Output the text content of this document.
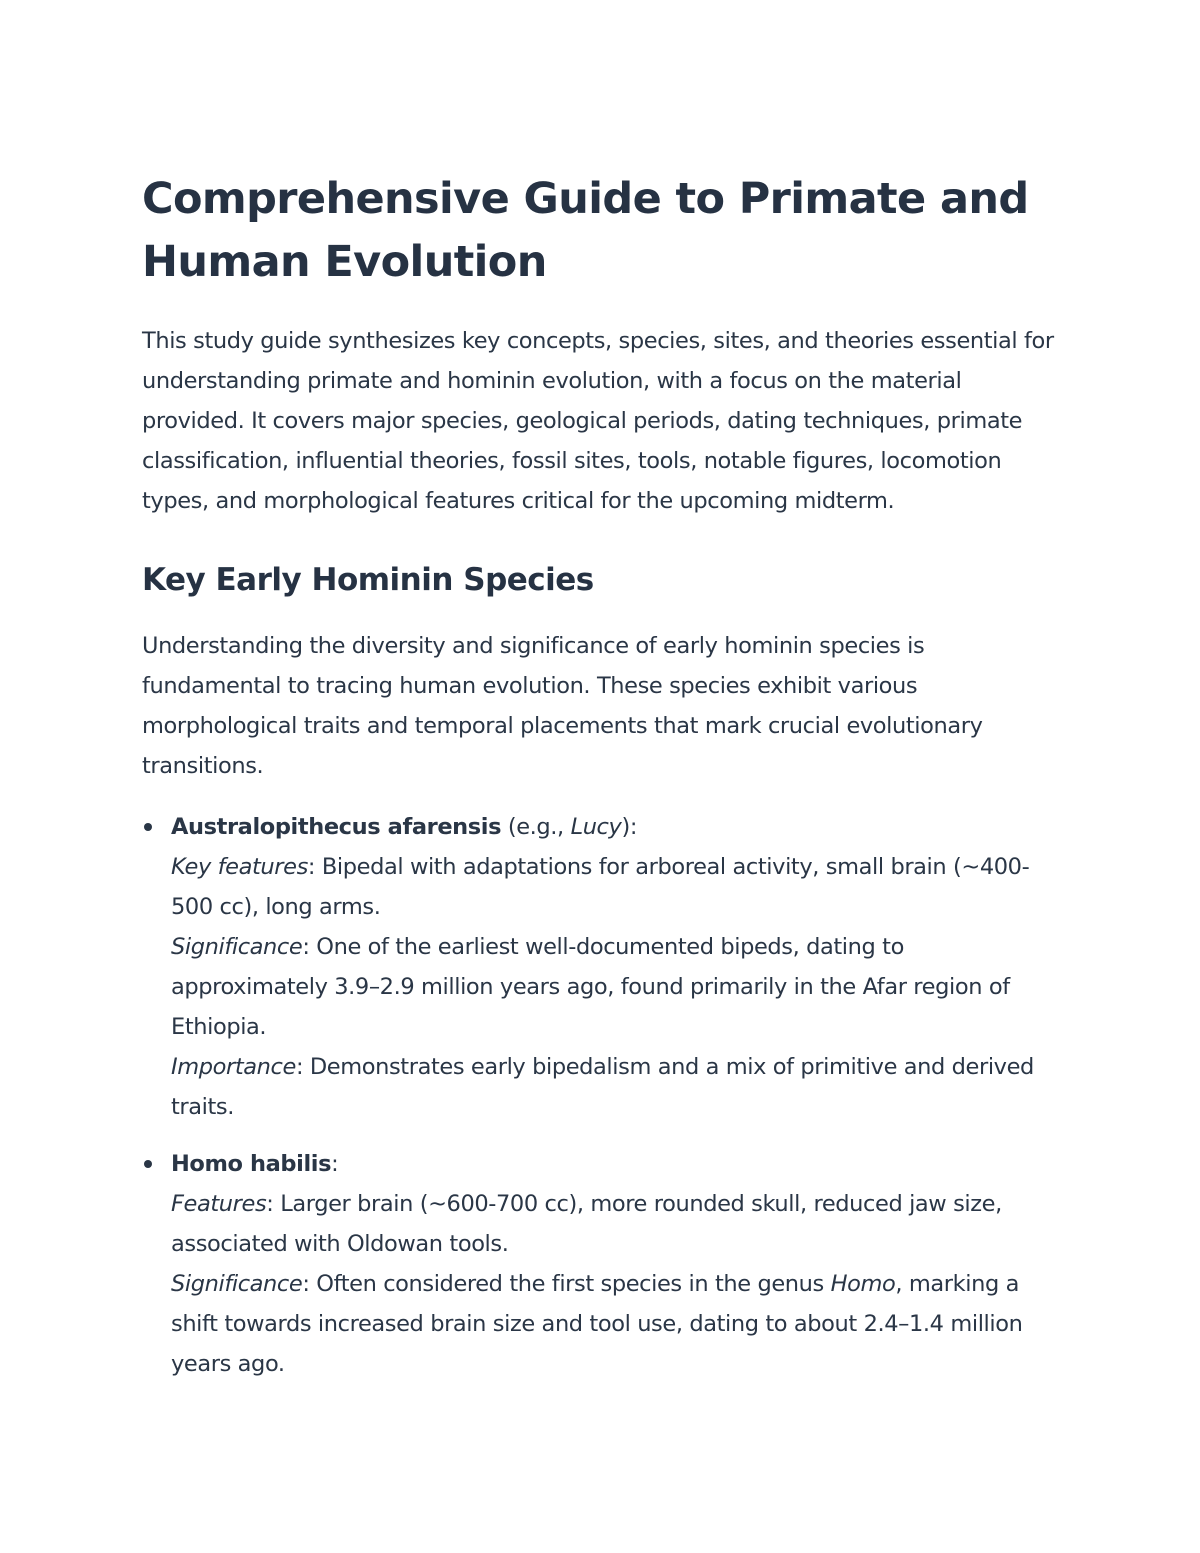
Comprehensive Guide to Primate and Human Evolution

This study guide synthesizes key concepts, species, sites, and theories essential for understanding primate and hominin evolution, with a focus on the material provided. It covers major species, geological periods, dating techniques, primate classification, influential theories, fossil sites, tools, notable figures, locomotion types, and morphological features critical for the upcoming midterm.

Key Early Hominin Species

Understanding the diversity and significance of early hominin species is fundamental to tracing human evolution. These species exhibit various morphological traits and temporal placements that mark crucial evolutionary transitions.

Australopithecus afarensis (e.g., Lucy):
Key features: Bipedal with adaptations for arboreal activity, small brain (~400-500 cc), long arms.
Significance: One of the earliest well-documented bipeds, dating to approximately 3.9–2.9 million years ago, found primarily in the Afar region of Ethiopia.
Importance: Demonstrates early bipedalism and a mix of primitive and derived traits.
Homo habilis:
Features: Larger brain (~600-700 cc), more rounded skull, reduced jaw size, associated with Oldowan tools.
Significance: Often considered the first species in the genus Homo, marking a shift towards increased brain size and tool use, dating to about 2.4–1.4 million years ago.
